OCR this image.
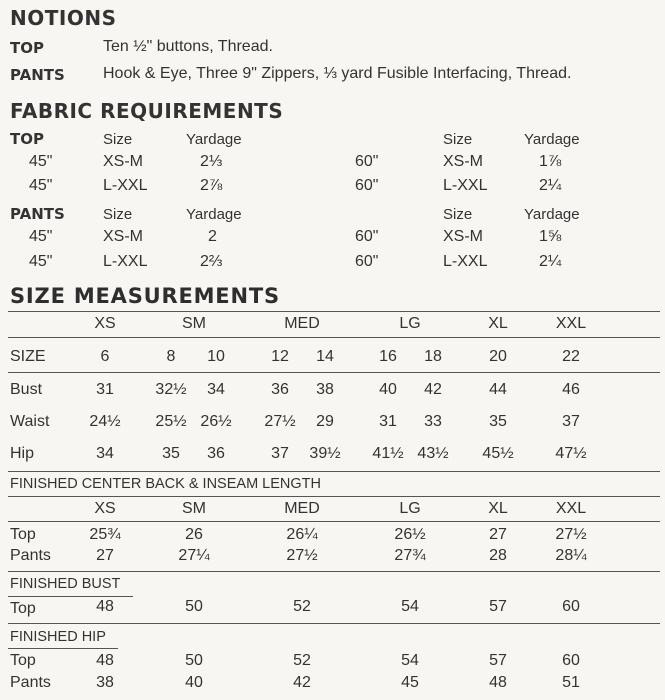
NOTIONS
TOP	Ten ½" buttons, Thread.
PANTS Hook & Eye, Three 9" Zippers, ⅓ yard Fusible Interfacing, Thread.
FABRIC REQUIREMENTS
TOP	Size	Yardage	Size	Yardage
45"	XS-M	2⅓	60"	XS-M	1⅞
45"	L-XXL	2⅞	60"	L-XXL	2¼
PANTS	Size	Yardage	Size	Yardage
45"	XS-M	2	60"	XS-M	1⅝
45"	L-XXL	2⅔	60"	L-XXL	2¼
SIZE MEASUREMENTS
XS	SM	MED	LG	XL	XXL
SIZE	6	8	10	12	14	16	18	20	22
Bust	31	32½	34	36	38	40	42	44	46
Waist	24½	25½ 26½	27½	29	31	33	35	37
Hip	34	35	36	37	39½	41½ 43½	45½	47½
FINISHED CENTER BACK & INSEAM LENGTH
XS	SM	MED	LG	XL	XXL
Top	25¾	26	26¼	26½	27	27½
Pants	27	27¼	27½	27¾	28	28¼
FINISHED BUST
Top	48	50	52	54	57	60
FINISHED HIP
Top	48	50	52	54	57	60
Pants	38	40	42	45	48	51
